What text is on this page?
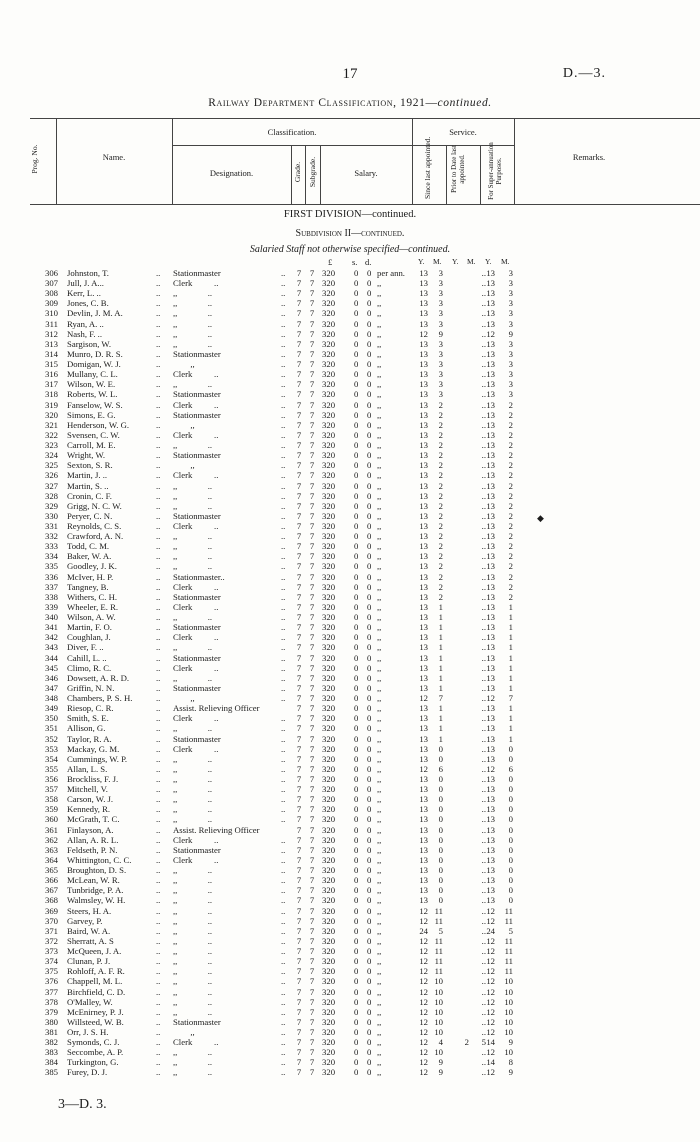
17	D.—3.
Railway Department Classification, 1921—continued.
Prog. No.	Name.
Classification.
Designation.	Grade. Subgrade.	Salary.
Service.
Since last appointed.	Prior to Date last appointed.	For Super-annuation Purposes.
Remarks.
FIRST DIVISION—continued.
Subdivision II—continued.
Salaried Staff not otherwise specified—continued.
£ s. d.	Y. M. Y. M. Y. M.
306 Johnston, T.	.. Stationmaster	.. 7 7 320 0 0 per ann.	13	3	.. 13	3
307 Jull, J. A...	.. Clerk          ..	.. 7 7 320 0 0 ,,	13	3	.. 13	3
308 Kerr, L. ..	.. ,,              ..	.. 7 7 320 0 0 ,,	13	3	.. 13	3
309 Jones, C. B.	.. ,,              ..	.. 7 7 320 0 0 ,,	13	3	.. 13	3
310 Devlin, J. M. A.	.. ,,              ..	.. 7 7 320 0 0 ,,	13	3	.. 13	3
311 Ryan, A. ..	.. ,,              ..	.. 7 7 320 0 0 ,,	13	3	.. 13	3
312 Nash, F. ..	.. ,,              ..	.. 7 7 320 0 0 ,,	12	9	.. 12	9
313 Sargison, W.	.. ,,              ..	.. 7 7 320 0 0 ,,	13	3	.. 13	3
314 Munro, D. R. S.	.. Stationmaster	.. 7 7 320 0 0 ,,	13	3	.. 13	3
315 Domigan, W. J.	.. ,,	.. 7 7 320 0 0 ,,	13	3	.. 13	3
316 Mullany, C. L.	.. Clerk          ..	.. 7 7 320 0 0 ,,	13	3	.. 13	3
317 Wilson, W. E.	.. ,,              ..	.. 7 7 320 0 0 ,,	13	3	.. 13	3
318 Roberts, W. L.	.. Stationmaster	.. 7 7 320 0 0 ,,	13	3	.. 13	3
319 Fanselow, W. S.	.. Clerk          ..	.. 7 7 320 0 0 ,,	13	2	.. 13	2
320 Simons, E. G.	.. Stationmaster	.. 7 7 320 0 0 ,,	13	2	.. 13	2
321 Henderson, W. G.	.. ,,	.. 7 7 320 0 0 ,,	13	2	.. 13	2
322 Svensen, C. W.	.. Clerk          ..	.. 7 7 320 0 0 ,,	13	2	.. 13	2
323 Carroll, M. E.	.. ,,              ..	.. 7 7 320 0 0 ,,	13	2	.. 13	2
324 Wright, W.	.. Stationmaster	.. 7 7 320 0 0 ,,	13	2	.. 13	2
325 Sexton, S. R.	.. ,,	.. 7 7 320 0 0 ,,	13	2	.. 13	2
326 Martin, J. ..	.. Clerk          ..	.. 7 7 320 0 0 ,,	13	2	.. 13	2
327 Martin, S. ..	.. ,,              ..	.. 7 7 320 0 0 ,,	13	2	.. 13	2
328 Cronin, C. F.	.. ,,              ..	.. 7 7 320 0 0 ,,	13	2	.. 13	2
329 Grigg, N. C. W.	.. ,,              ..	.. 7 7 320 0 0 ,,	13	2	.. 13	2
330 Peryer, C. N.	.. Stationmaster	.. 7 7 320 0 0 ,,	13	2	.. 13	2
331 Reynolds, C. S.	.. Clerk          ..	.. 7 7 320 0 0 ,,	13	2	.. 13	2
332 Crawford, A. N.	.. ,,              ..	.. 7 7 320 0 0 ,,	13	2	.. 13	2
333 Todd, C. M.	.. ,,              ..	.. 7 7 320 0 0 ,,	13	2	.. 13	2
334 Baker, W. A.	.. ,,              ..	.. 7 7 320 0 0 ,,	13	2	.. 13	2
335 Goodley, J. K.	.. ,,              ..	.. 7 7 320 0 0 ,,	13	2	.. 13	2
336 McIver, H. P.	.. Stationmaster..	.. 7 7 320 0 0 ,,	13	2	.. 13	2
337 Tangney, B.	.. Clerk          ..	.. 7 7 320 0 0 ,,	13	2	.. 13	2
338 Withers, C. H.	.. Stationmaster	.. 7 7 320 0 0 ,,	13	2	.. 13	2
339 Wheeler, E. R.	.. Clerk          ..	.. 7 7 320 0 0 ,,	13	1	.. 13	1
340 Wilson, A. W.	.. ,,              ..	.. 7 7 320 0 0 ,,	13	1	.. 13	1
341 Martin, F. O.	.. Stationmaster	.. 7 7 320 0 0 ,,	13	1	.. 13	1
342 Coughlan, J.	.. Clerk          ..	.. 7 7 320 0 0 ,,	13	1	.. 13	1
343 Diver, F. ..	.. ,,              ..	.. 7 7 320 0 0 ,,	13	1	.. 13	1
344 Cahill, L. ..	.. Stationmaster	.. 7 7 320 0 0 ,,	13	1	.. 13	1
345 Climo, R. C.	.. Clerk          ..	.. 7 7 320 0 0 ,,	13	1	.. 13	1
346 Dowsett, A. R. D.	.. ,,              ..	.. 7 7 320 0 0 ,,	13	1	.. 13	1
347 Griffin, N. N.	.. Stationmaster	.. 7 7 320 0 0 ,,	13	1	.. 13	1
348 Chambers, P. S. H.	.. ,,	.. 7 7 320 0 0 ,,	12	7	.. 12	7
349 Riesop, C. R.	.. Assist. Relieving Officer	7 7 320 0 0 ,,	13	1	.. 13	1
350 Smith, S. E.	.. Clerk          ..	.. 7 7 320 0 0 ,,	13	1	.. 13	1
351 Allison, G.	.. ,,              ..	.. 7 7 320 0 0 ,,	13	1	.. 13	1
352 Taylor, R. A.	.. Stationmaster	.. 7 7 320 0 0 ,,	13	1	.. 13	1
353 Mackay, G. M.	.. Clerk          ..	.. 7 7 320 0 0 ,,	13	0	.. 13	0
354 Cummings, W. P.	.. ,,              ..	.. 7 7 320 0 0 ,,	13	0	.. 13	0
355 Allan, L. S.	.. ,,              ..	.. 7 7 320 0 0 ,,	12	6	.. 12	6
356 Brockliss, F. J.	.. ,,              ..	.. 7 7 320 0 0 ,,	13	0	.. 13	0
357 Mitchell, V.	.. ,,              ..	.. 7 7 320 0 0 ,,	13	0	.. 13	0
358 Carson, W. J.	.. ,,              ..	.. 7 7 320 0 0 ,,	13	0	.. 13	0
359 Kennedy, R.	.. ,,              ..	.. 7 7 320 0 0 ,,	13	0	.. 13	0
360 McGrath, T. C.	.. ,,              ..	.. 7 7 320 0 0 ,,	13	0	.. 13	0
361 Finlayson, A.	.. Assist. Relieving Officer	7 7 320 0 0 ,,	13	0	.. 13	0
362 Allan, A. R. L.	.. Clerk          ..	.. 7 7 320 0 0 ,,	13	0	.. 13	0
363 Feldseth, P. N.	.. Stationmaster	.. 7 7 320 0 0 ,,	13	0	.. 13	0
364 Whittington, C. C.	.. Clerk          ..	.. 7 7 320 0 0 ,,	13	0	.. 13	0
365 Broughton, D. S.	.. ,,              ..	.. 7 7 320 0 0 ,,	13	0	.. 13	0
366 McLean, W. R.	.. ,,              ..	.. 7 7 320 0 0 ,,	13	0	.. 13	0
367 Tunbridge, P. A.	.. ,,              ..	.. 7 7 320 0 0 ,,	13	0	.. 13	0
368 Walmsley, W. H.	.. ,,              ..	.. 7 7 320 0 0 ,,	13	0	.. 13	0
369 Steers, H. A.	.. ,,              ..	.. 7 7 320 0 0 ,,	12 11	.. 12 11
370 Garvey, P.	.. ,,              ..	.. 7 7 320 0 0 ,,	12 11	.. 12 11
371 Baird, W. A.	.. ,,              ..	.. 7 7 320 0 0 ,,	24	5	.. 24	5
372 Sherratt, A. S	.. ,,              ..	.. 7 7 320 0 0 ,,	12 11	.. 12 11
373 McQueen, J. A.	.. ,,              ..	.. 7 7 320 0 0 ,,	12 11	.. 12 11
374 Clunan, P. J.	.. ,,              ..	.. 7 7 320 0 0 ,,	12 11	.. 12 11
375 Rohloff, A. F. R.	.. ,,              ..	.. 7 7 320 0 0 ,,	12 11	.. 12 11
376 Chappell, M. L.	.. ,,              ..	.. 7 7 320 0 0 ,,	12 10	.. 12 10
377 Birchfield, C. D.	.. ,,              ..	.. 7 7 320 0 0 ,,	12 10	.. 12 10
378 O'Malley, W.	.. ,,              ..	.. 7 7 320 0 0 ,,	12 10	.. 12 10
379 McEnirney, P. J.	.. ,,              ..	.. 7 7 320 0 0 ,,	12 10	.. 12 10
380 Willsteed, W. B.	.. Stationmaster	.. 7 7 320 0 0 ,,	12 10	.. 12 10
381 Orr, J. S. H.	.. ,,	.. 7 7 320 0 0 ,,	12 10	.. 12 10
382 Symonds, C. J.	.. Clerk          ..	.. 7 7 320 0 0 ,,	12	4	2	5 14	9
383 Seccombe, A. P.	.. ,,              ..	.. 7 7 320 0 0 ,,	12 10	.. 12 10
384 Turkington, G.	.. ,,              ..	.. 7 7 320 0 0 ,,	12	9	.. 14	8
385 Furey, D. J.	.. ,,              ..	.. 7 7 320 0 0 ,,	12	9	.. 12	9
◆
3—D. 3.
